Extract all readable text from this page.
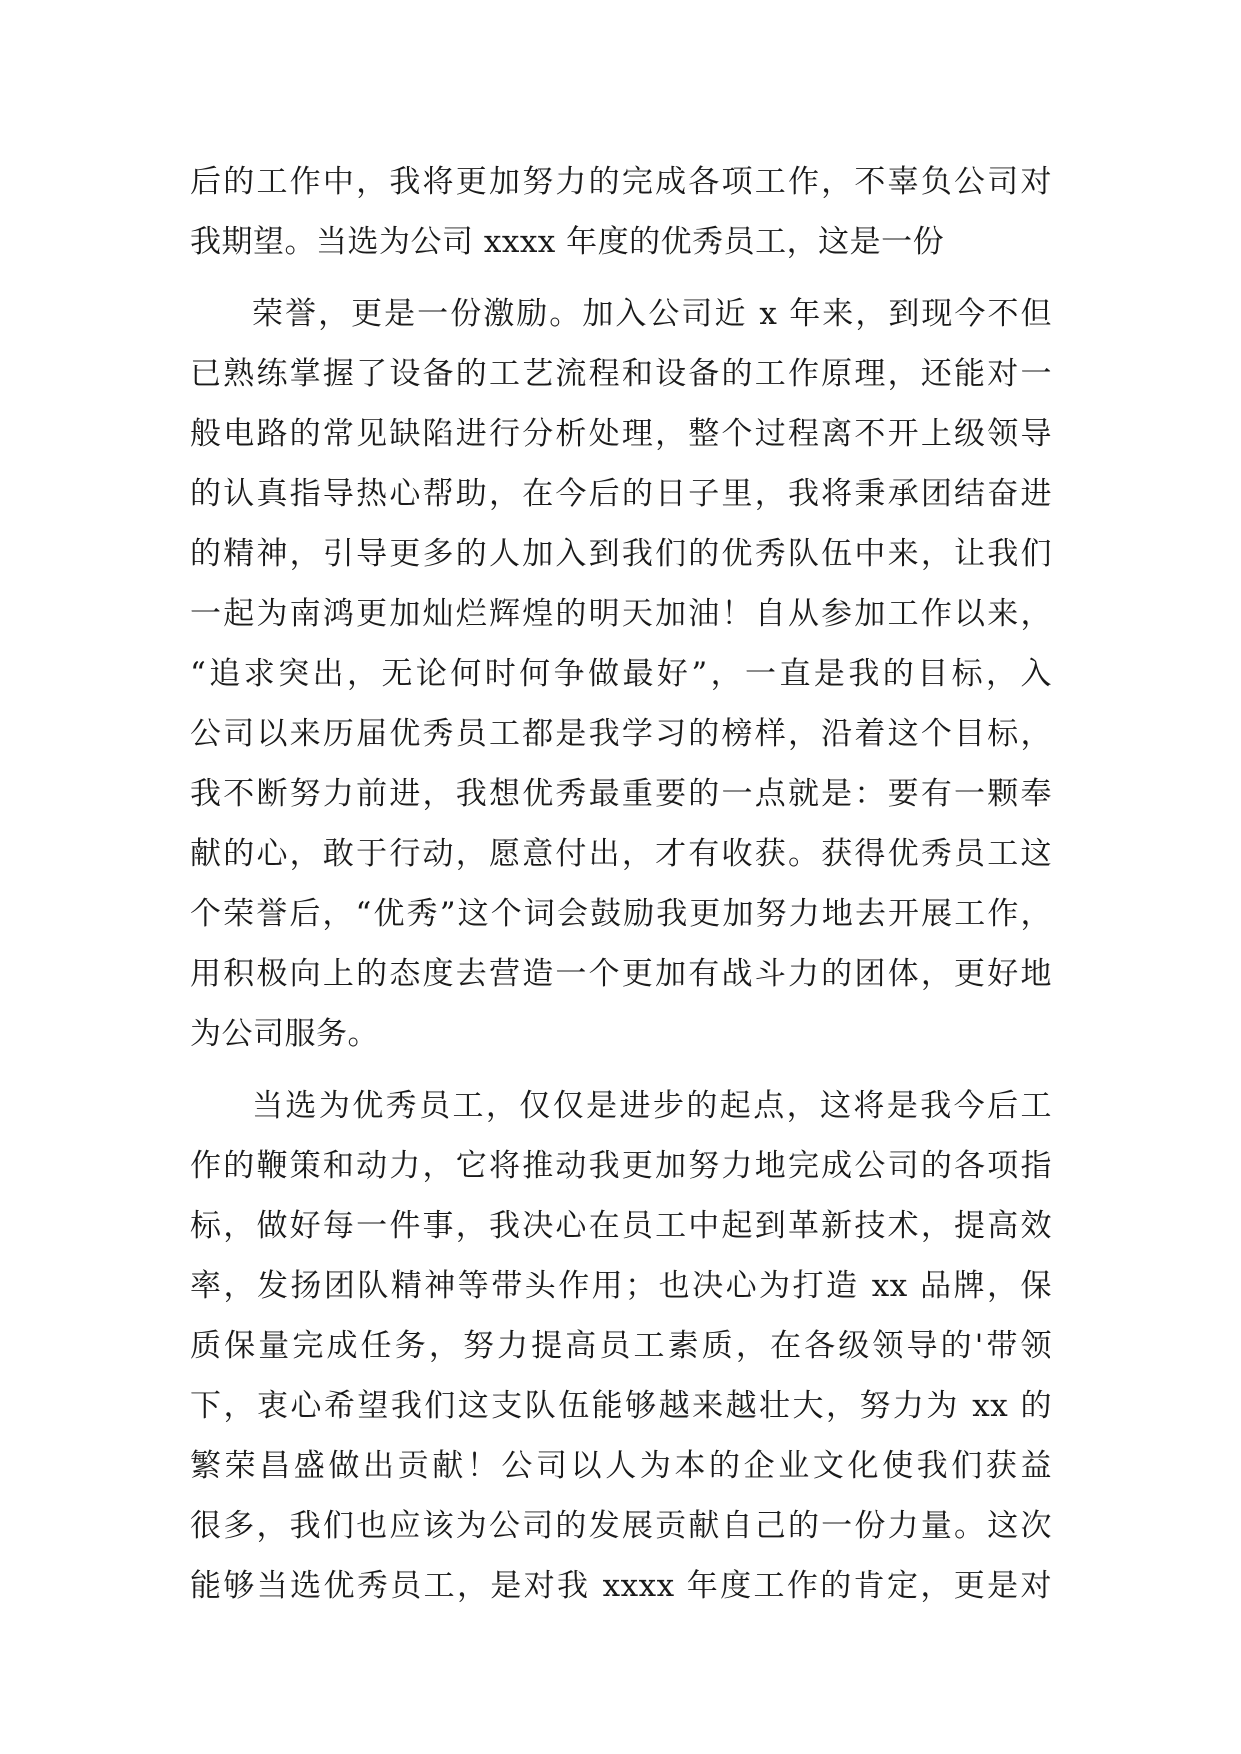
后的工作中，我将更加努力的完成各项工作，不辜负公司对
我期望。当选为公司 xxxx 年度的优秀员工，这是一份
荣誉，更是一份激励。加入公司近 x 年来，到现今不但
已熟练掌握了设备的工艺流程和设备的工作原理，还能对一
般电路的常见缺陷进行分析处理，整个过程离不开上级领导
的认真指导热心帮助，在今后的日子里，我将秉承团结奋进
的精神，引导更多的人加入到我们的优秀队伍中来，让我们
一起为南鸿更加灿烂辉煌的明天加油！自从参加工作以来，
“追求突出，无论何时何争做最好”，一直是我的目标，入
公司以来历届优秀员工都是我学习的榜样，沿着这个目标，
我不断努力前进，我想优秀最重要的一点就是：要有一颗奉
献的心，敢于行动，愿意付出，才有收获。获得优秀员工这
个荣誉后，“优秀”这个词会鼓励我更加努力地去开展工作，
用积极向上的态度去营造一个更加有战斗力的团体，更好地
为公司服务。
当选为优秀员工，仅仅是进步的起点，这将是我今后工
作的鞭策和动力，它将推动我更加努力地完成公司的各项指
标，做好每一件事，我决心在员工中起到革新技术，提高效
率，发扬团队精神等带头作用；也决心为打造 xx 品牌，保
质保量完成任务，努力提高员工素质，在各级领导的'带领
下，衷心希望我们这支队伍能够越来越壮大，努力为 xx 的
繁荣昌盛做出贡献！公司以人为本的企业文化使我们获益
很多，我们也应该为公司的发展贡献自己的一份力量。这次
能够当选优秀员工，是对我 xxxx 年度工作的肯定，更是对
